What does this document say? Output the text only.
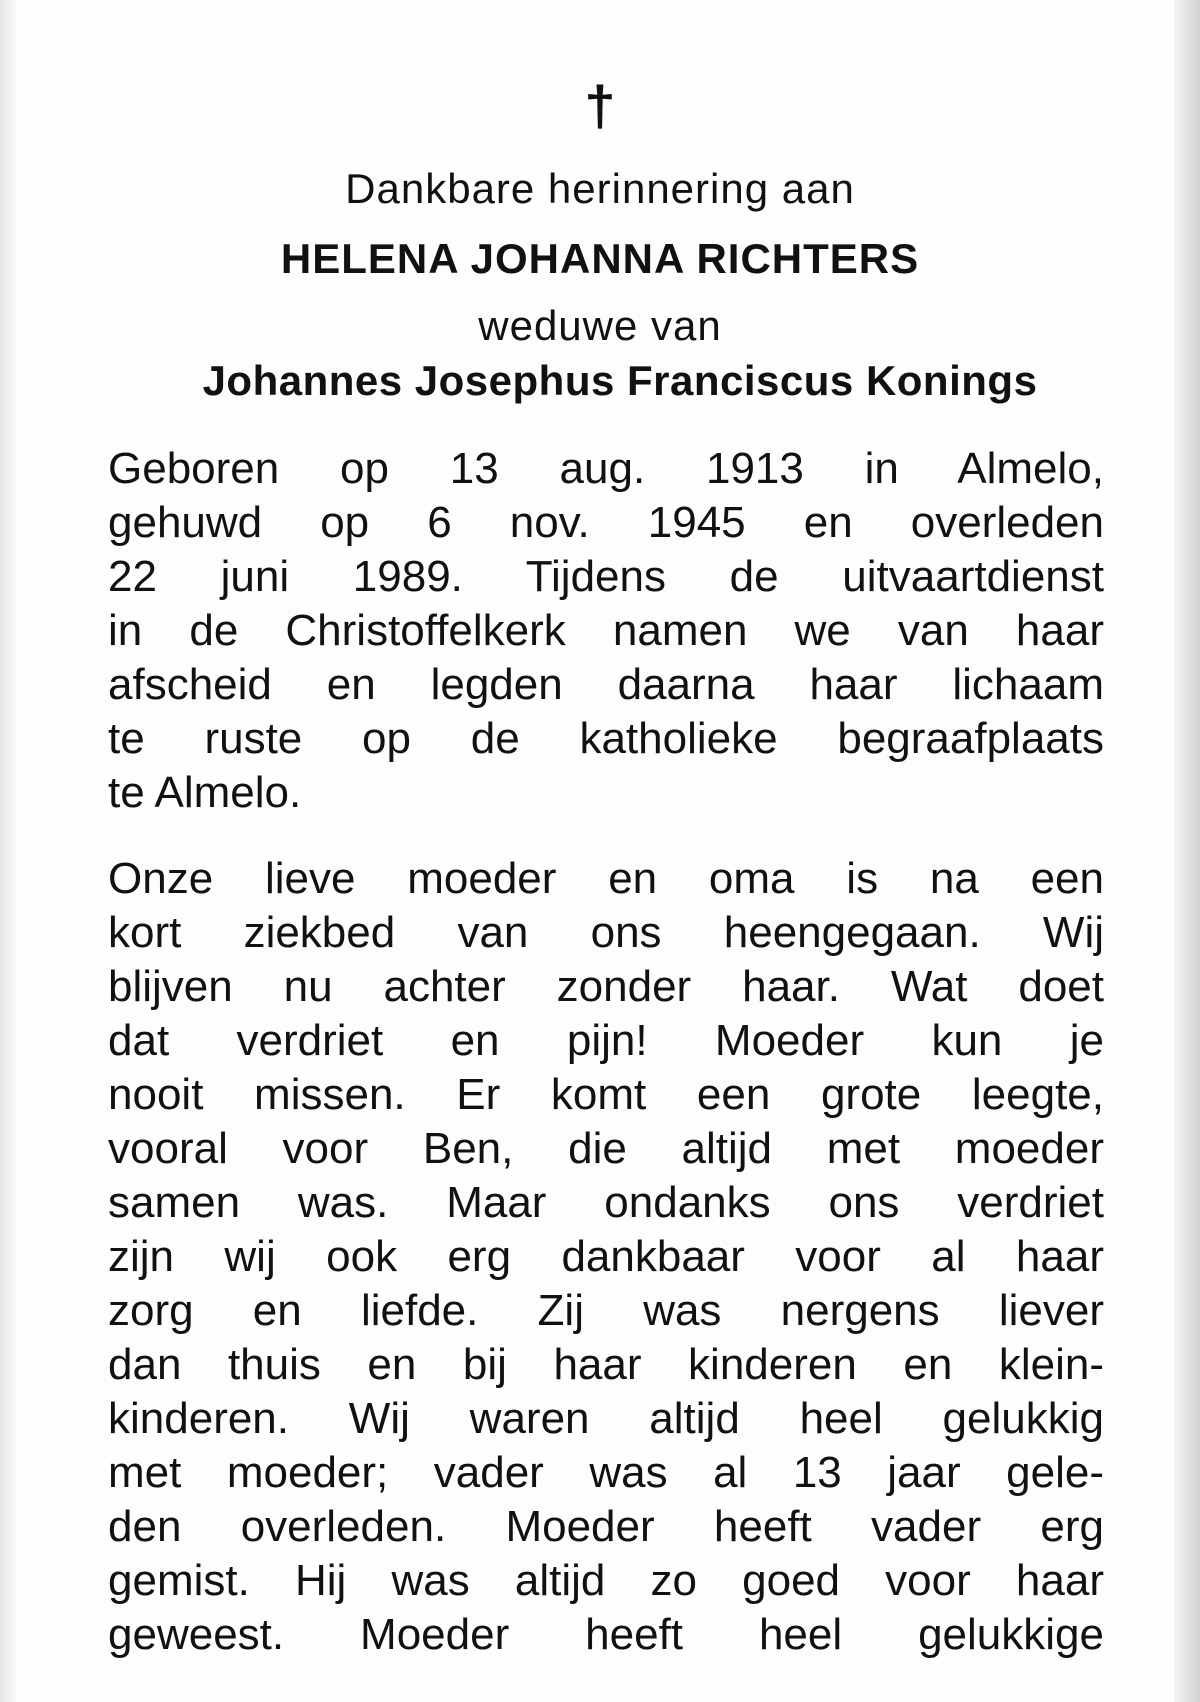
†
Dankbare herinnering aan
HELENA JOHANNA RICHTERS
weduwe van
Johannes Josephus Franciscus Konings
Geboren op 13 aug. 1913 in Almelo,
gehuwd op 6 nov. 1945 en overleden
22 juni 1989. Tijdens de uitvaartdienst
in de Christoffelkerk namen we van haar
afscheid en legden daarna haar lichaam
te ruste op de katholieke begraafplaats
te Almelo.
Onze lieve moeder en oma is na een
kort ziekbed van ons heengegaan. Wij
blijven nu achter zonder haar. Wat doet
dat verdriet en pijn! Moeder kun je
nooit missen. Er komt een grote leegte,
vooral voor Ben, die altijd met moeder
samen was. Maar ondanks ons verdriet
zijn wij ook erg dankbaar voor al haar
zorg en liefde. Zij was nergens liever
dan thuis en bij haar kinderen en klein-
kinderen. Wij waren altijd heel gelukkig
met moeder; vader was al 13 jaar gele-
den overleden. Moeder heeft vader erg
gemist. Hij was altijd zo goed voor haar
geweest. Moeder heeft heel gelukkige
